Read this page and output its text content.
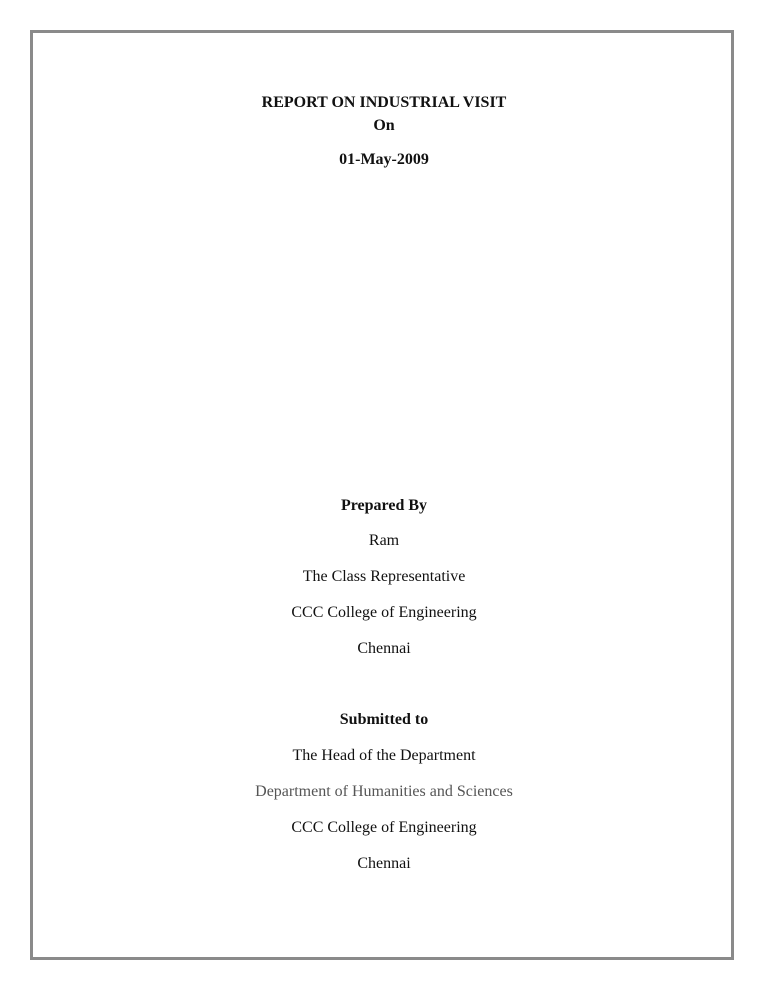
REPORT ON INDUSTRIAL VISIT
On
01-May-2009
Prepared By
Ram
The Class Representative
CCC College of Engineering
Chennai
Submitted to
The Head of the Department
Department of Humanities and Sciences
CCC College of Engineering
Chennai
